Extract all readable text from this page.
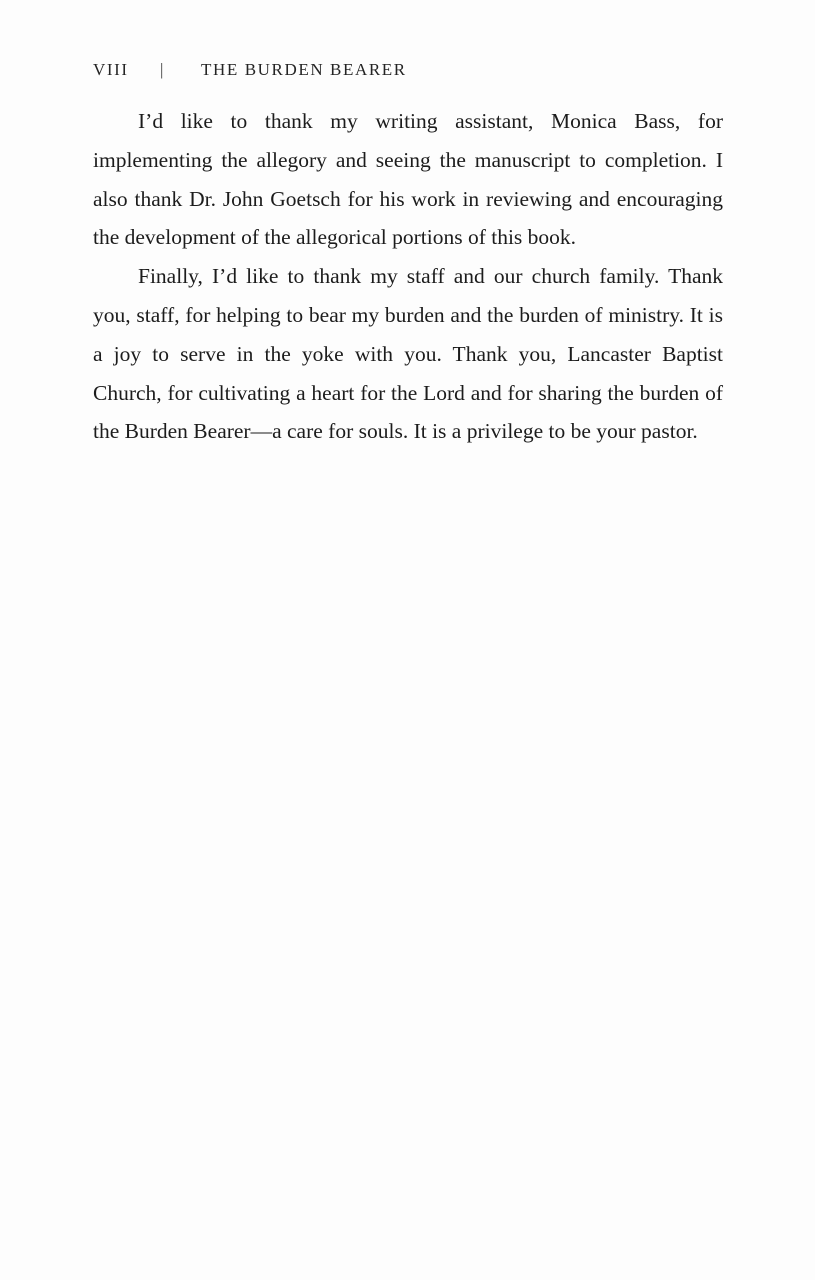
VIII	| THE BURDEN BEARER

I’d like to thank my writing assistant, Monica Bass, for implementing the allegory and seeing the manuscript to completion. I also thank Dr. John Goetsch for his work in reviewing and encouraging the development of the allegorical portions of this book.

Finally, I’d like to thank my staff and our church family. Thank you, staff, for helping to bear my burden and the burden of ministry. It is a joy to serve in the yoke with you. Thank you, Lancaster Baptist Church, for cultivating a heart for the Lord and for sharing the burden of the Burden Bearer—a care for souls. It is a privilege to be your pastor.
